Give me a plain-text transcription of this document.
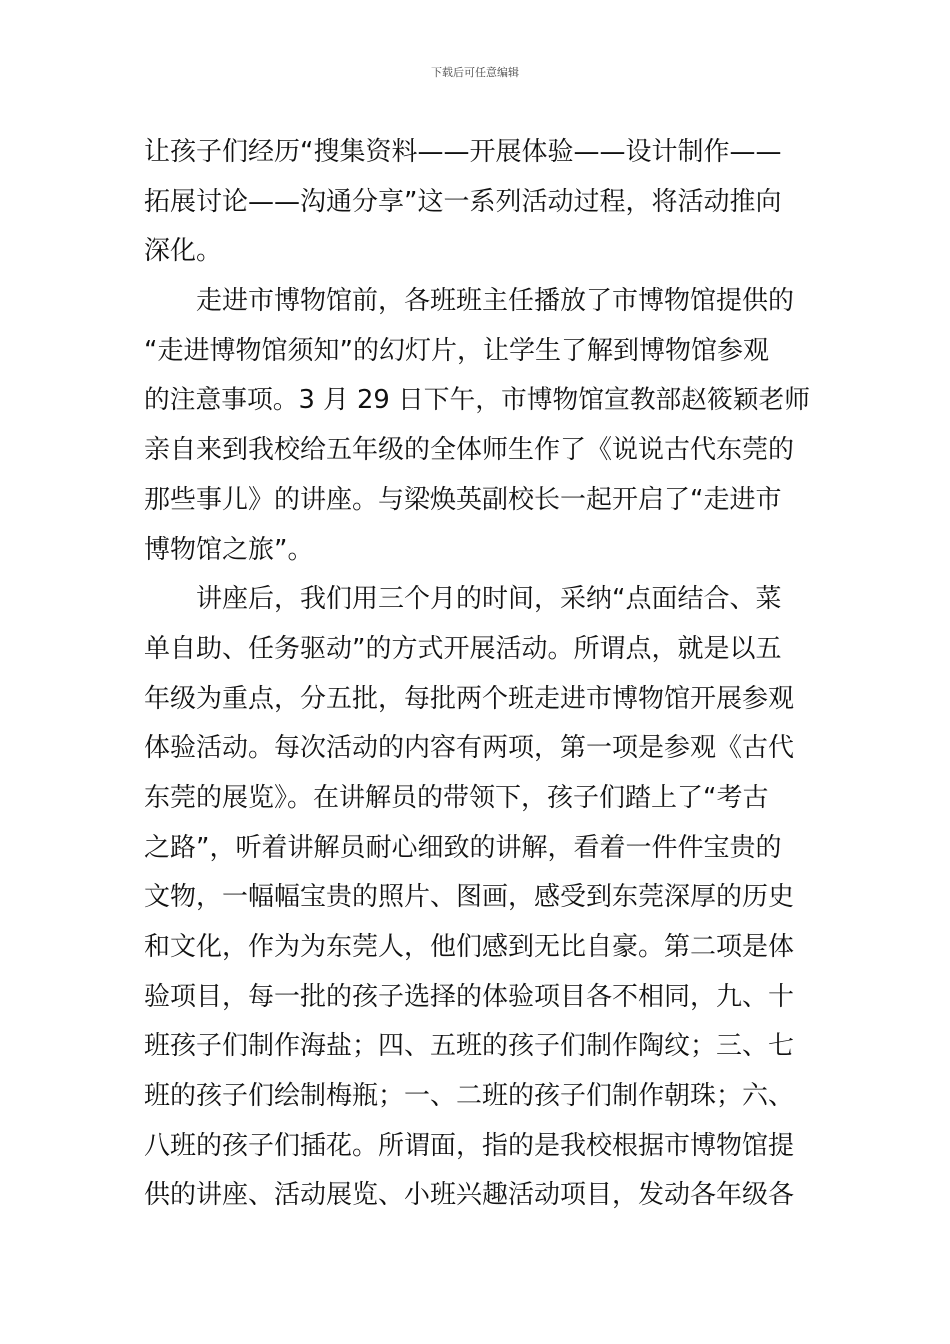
下载后可任意编辑
让孩子们经历“搜集资料——开展体验——设计制作——
拓展讨论——沟通分享”这一系列活动过程，将活动推向
深化。
走进市博物馆前，各班班主任播放了市博物馆提供的
“走进博物馆须知”的幻灯片，让学生了解到博物馆参观
的注意事项。3 月 29 日下午，市博物馆宣教部赵筱颖老师
亲自来到我校给五年级的全体师生作了《说说古代东莞的
那些事儿》的讲座。与梁焕英副校长一起开启了“走进市
博物馆之旅”。
讲座后，我们用三个月的时间，采纳“点面结合、菜
单自助、任务驱动”的方式开展活动。所谓点，就是以五
年级为重点，分五批，每批两个班走进市博物馆开展参观
体验活动。每次活动的内容有两项，第一项是参观《古代
东莞的展览》。在讲解员的带领下，孩子们踏上了“考古
之路”，听着讲解员耐心细致的讲解，看着一件件宝贵的
文物，一幅幅宝贵的照片、图画，感受到东莞深厚的历史
和文化，作为为东莞人，他们感到无比自豪。第二项是体
验项目，每一批的孩子选择的体验项目各不相同，九、十
班孩子们制作海盐；四、五班的孩子们制作陶纹；三、七
班的孩子们绘制梅瓶；一、二班的孩子们制作朝珠；六、
八班的孩子们插花。所谓面，指的是我校根据市博物馆提
供的讲座、活动展览、小班兴趣活动项目，发动各年级各
